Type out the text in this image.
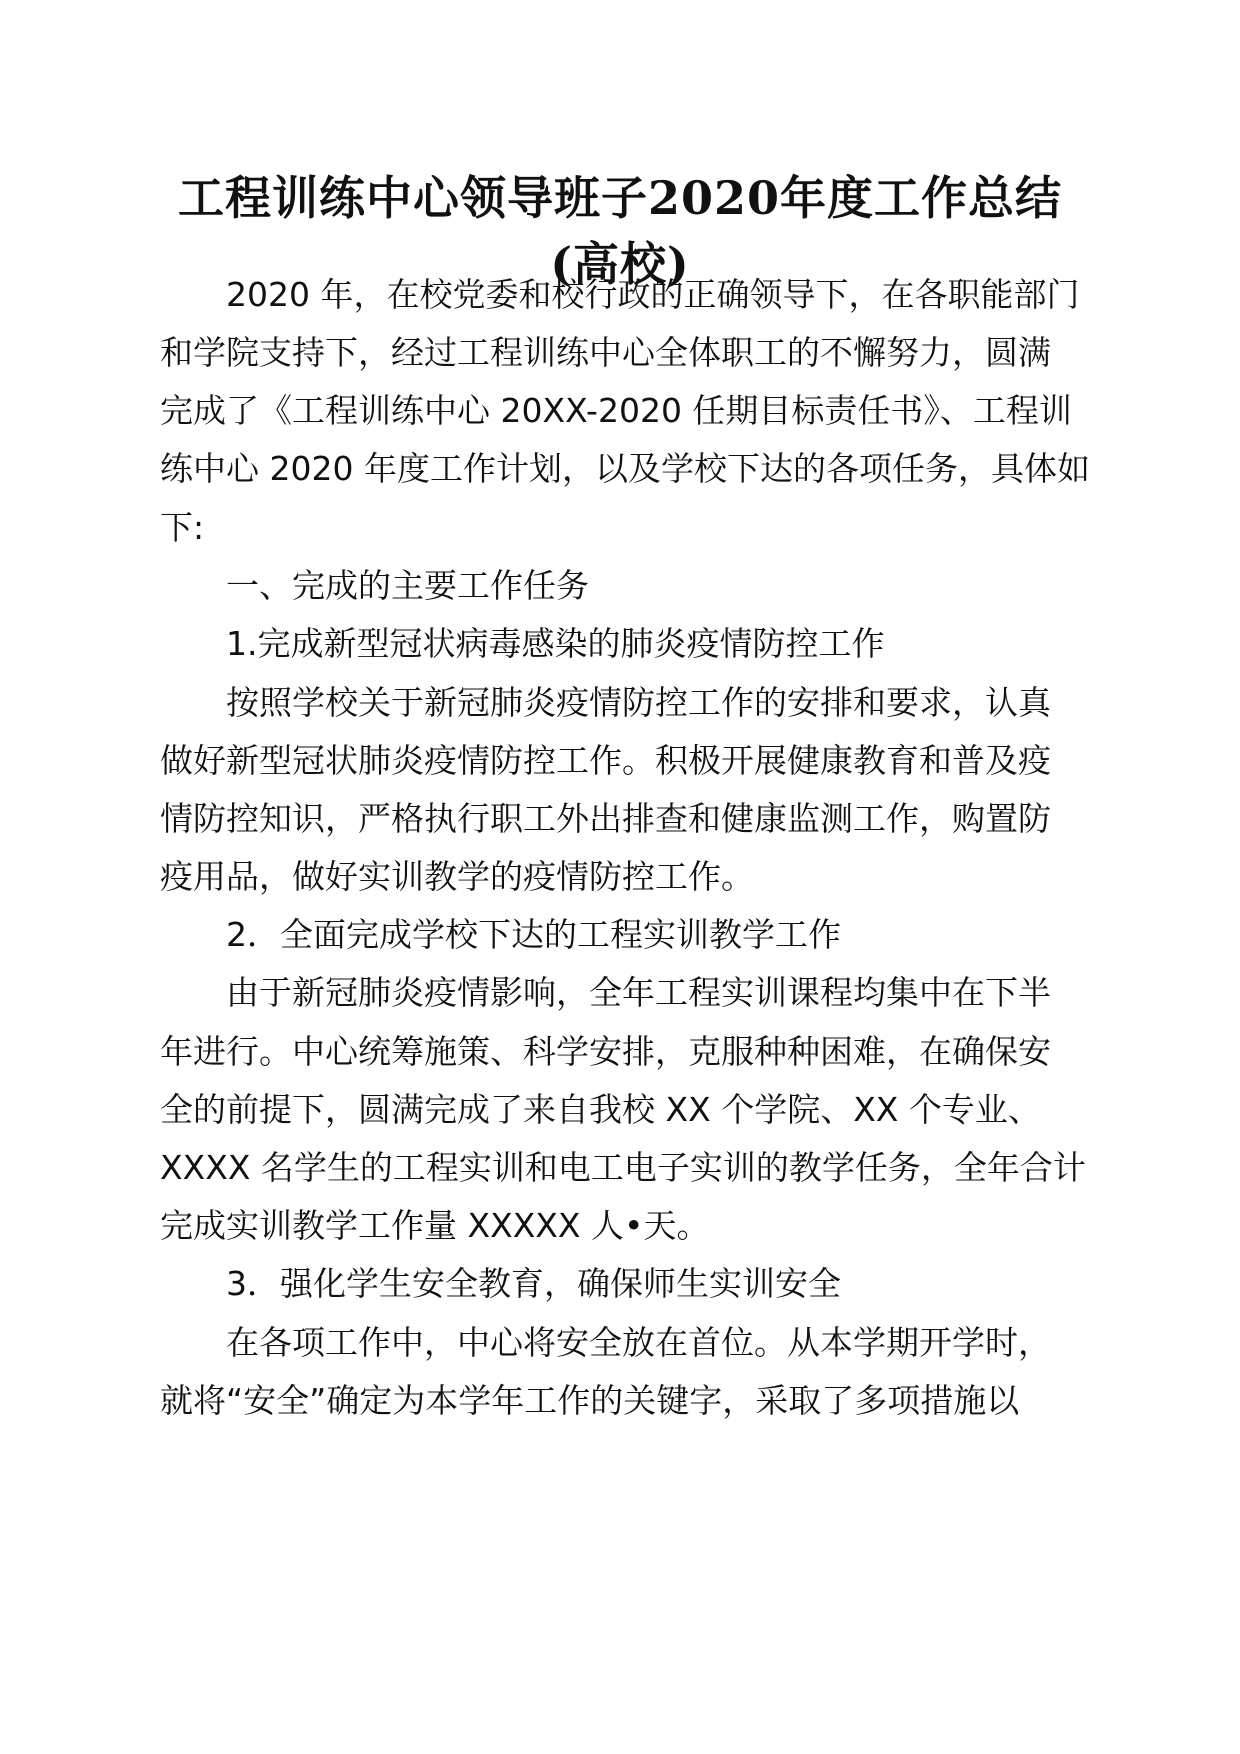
工程训练中心领导班子2020年度工作总结(高校)

2020 年，在校党委和校行政的正确领导下，在各职能部门

和学院支持下，经过工程训练中心全体职工的不懈努力，圆满

完成了《工程训练中心 20XX-2020 任期目标责任书》、工程训

练中心 2020 年度工作计划，以及学校下达的各项任务，具体如

下:

一、完成的主要工作任务

1.完成新型冠状病毒感染的肺炎疫情防控工作

按照学校关于新冠肺炎疫情防控工作的安排和要求，认真

做好新型冠状肺炎疫情防控工作。积极开展健康教育和普及疫

情防控知识，严格执行职工外出排查和健康监测工作，购置防

疫用品，做好实训教学的疫情防控工作。

2．全面完成学校下达的工程实训教学工作

由于新冠肺炎疫情影响，全年工程实训课程均集中在下半

年进行。中心统筹施策、科学安排，克服种种困难，在确保安

全的前提下，圆满完成了来自我校 XX 个学院、XX 个专业、

XXXX 名学生的工程实训和电工电子实训的教学任务，全年合计

完成实训教学工作量 XXXXX 人•天。

3．强化学生安全教育，确保师生实训安全

在各项工作中，中心将安全放在首位。从本学期开学时，

就将“安全”确定为本学年工作的关键字，采取了多项措施以
